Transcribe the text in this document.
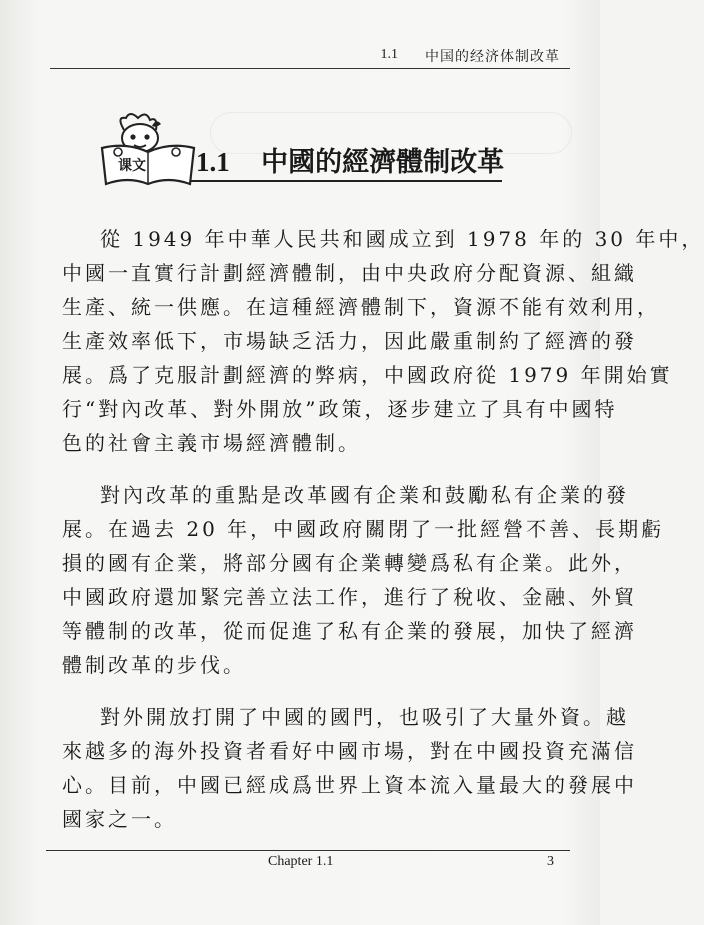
1.1 中国的经济体制改革
课文 1.1 中國的經濟體制改革
從 1949 年中華人民共和國成立到 1978 年的 30 年中，
中國一直實行計劃經濟體制，由中央政府分配資源、組織
生產、統一供應。在這種經濟體制下，資源不能有效利用，
生產效率低下，市場缺乏活力，因此嚴重制約了經濟的發
展。爲了克服計劃經濟的弊病，中國政府從 1979 年開始實
行“對內改革、對外開放”政策，逐步建立了具有中國特
色的社會主義市場經濟體制。
對內改革的重點是改革國有企業和鼓勵私有企業的發
展。在過去 20 年，中國政府關閉了一批經營不善、長期虧
損的國有企業，將部分國有企業轉變爲私有企業。此外，
中國政府還加緊完善立法工作，進行了稅收、金融、外貿
等體制的改革，從而促進了私有企業的發展，加快了經濟
體制改革的步伐。
對外開放打開了中國的國門，也吸引了大量外資。越
來越多的海外投資者看好中國市場，對在中國投資充滿信
心。目前，中國已經成爲世界上資本流入量最大的發展中
國家之一。
Chapter 1.1	3
